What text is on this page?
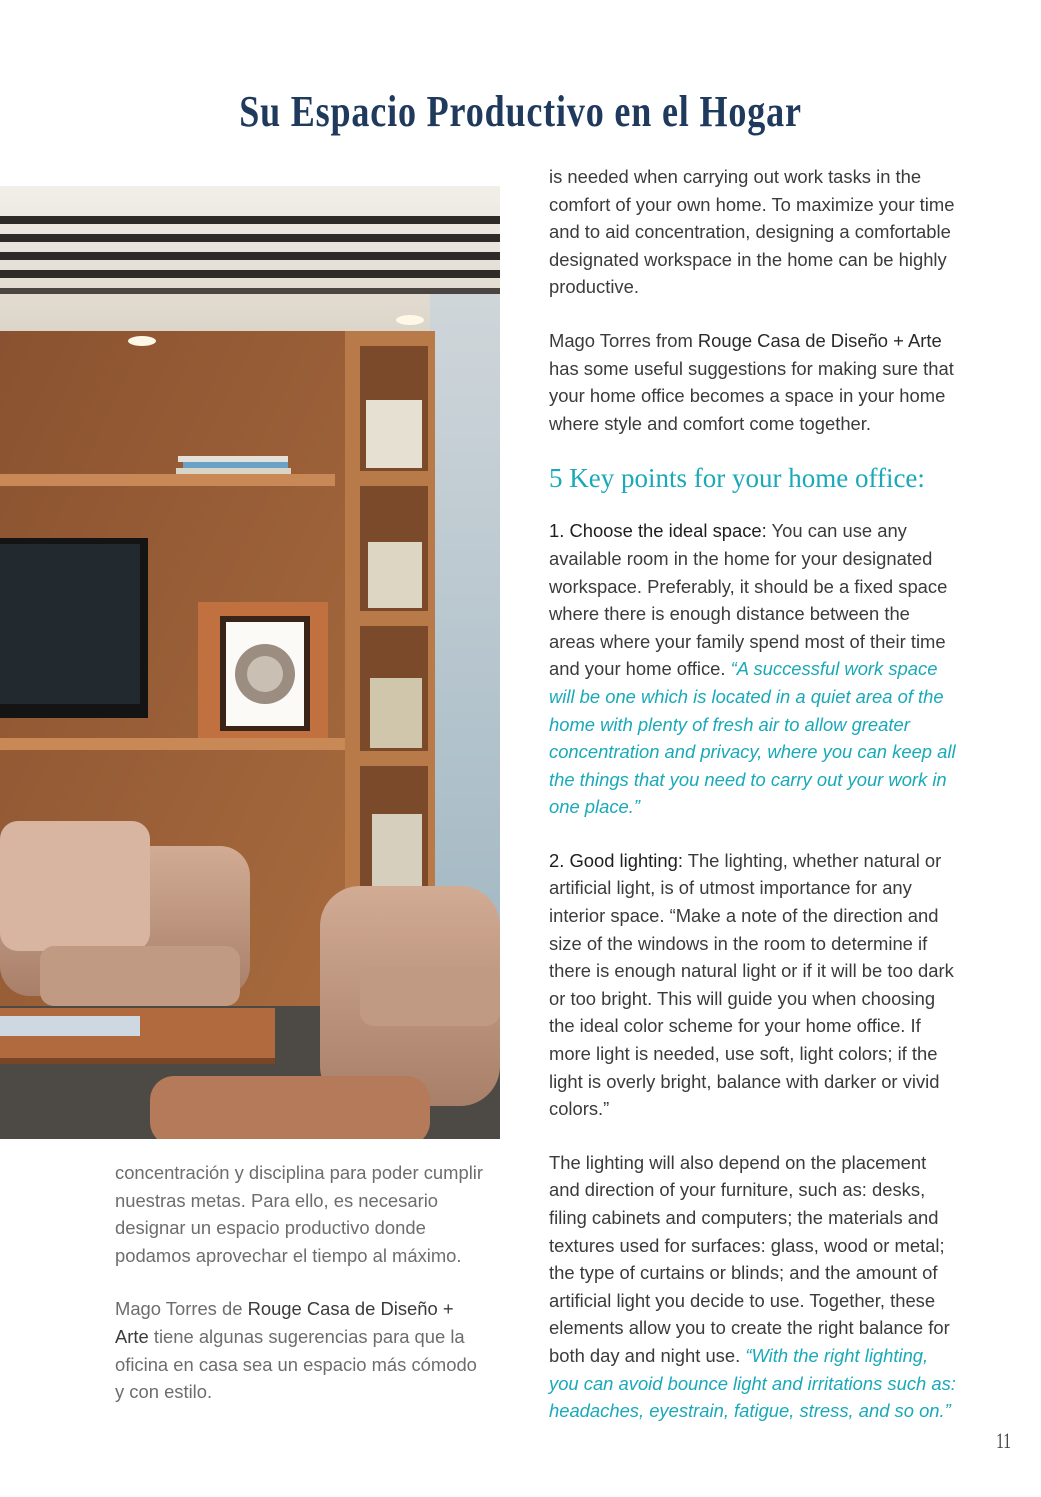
Su Espacio Productivo en el Hogar

is needed when carrying out work tasks in the comfort of your own home. To maximize your time and to aid concentration, designing a comfortable designated workspace in the home can be highly productive.

Mago Torres from Rouge Casa de Diseño + Arte has some useful suggestions for making sure that your home office becomes a space in your home where style and comfort come together.

5 Key points for your home office:

1. Choose the ideal space: You can use any available room in the home for your designated workspace. Preferably, it should be a fixed space where there is enough distance between the areas where your family spend most of their time and your home office. “A successful work space will be one which is located in a quiet area of the home with plenty of fresh air to allow greater concentration and privacy, where you can keep all the things that you need to carry out your work in one place.”

2. Good lighting: The lighting, whether natural or artificial light, is of utmost importance for any interior space. “Make a note of the direction and size of the windows in the room to determine if there is enough natural light or if it will be too dark or too bright. This will guide you when choosing the ideal color scheme for your home office. If more light is needed, use soft, light colors; if the light is overly bright, balance with darker or vivid colors.”

The lighting will also depend on the placement and direction of your furniture, such as: desks, filing cabinets and computers; the materials and textures used for surfaces: glass, wood or metal; the type of curtains or blinds; and the amount of artificial light you decide to use. Together, these elements allow you to create the right balance for both day and night use. “With the right lighting, you can avoid bounce light and irritations such as: headaches, eyestrain, fatigue, stress, and so on.”

concentración y disciplina para poder cumplir nuestras metas. Para ello, es necesario designar un espacio productivo donde podamos aprovechar el tiempo al máximo.

Mago Torres de Rouge Casa de Diseño + Arte tiene algunas sugerencias para que la oficina en casa sea un espacio más cómodo y con estilo.

11
